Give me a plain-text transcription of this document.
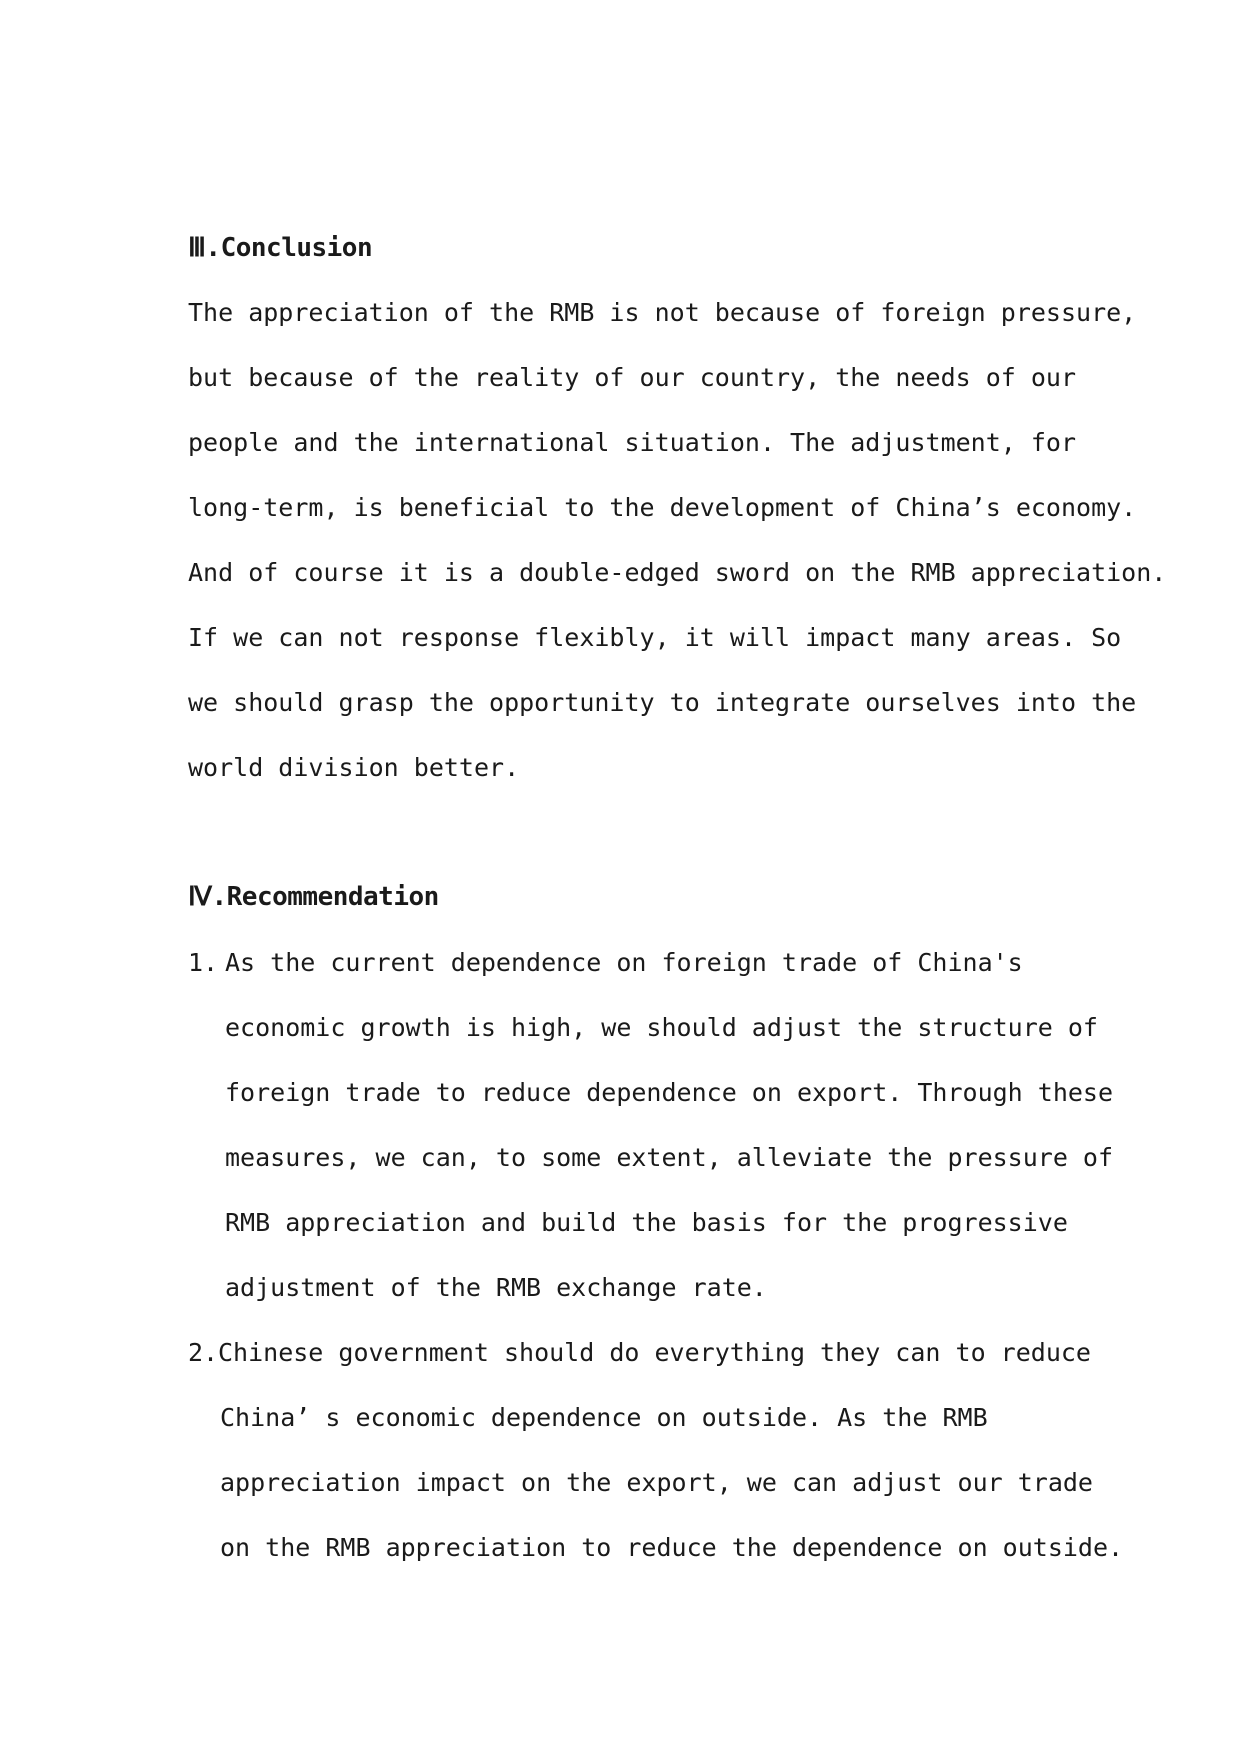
Ⅲ.Conclusion
The appreciation of the RMB is not because of foreign pressure,
but because of the reality of our country, the needs of our
people and the international situation. The adjustment, for
long-term, is beneficial to the development of China’s economy.
And of course it is a double-edged sword on the RMB appreciation.
If we can not response flexibly, it will impact many areas. So
we should grasp the opportunity to integrate ourselves into the
world division better.
Ⅳ.Recommendation
1. As the current dependence on foreign trade of China's
economic growth is high, we should adjust the structure of
foreign trade to reduce dependence on export. Through these
measures, we can, to some extent, alleviate the pressure of
RMB appreciation and build the basis for the progressive
adjustment of the RMB exchange rate.
2. Chinese government should do everything they can to reduce
China’ s economic dependence on outside. As the RMB
appreciation impact on the export, we can adjust our trade
on the RMB appreciation to reduce the dependence on outside.
